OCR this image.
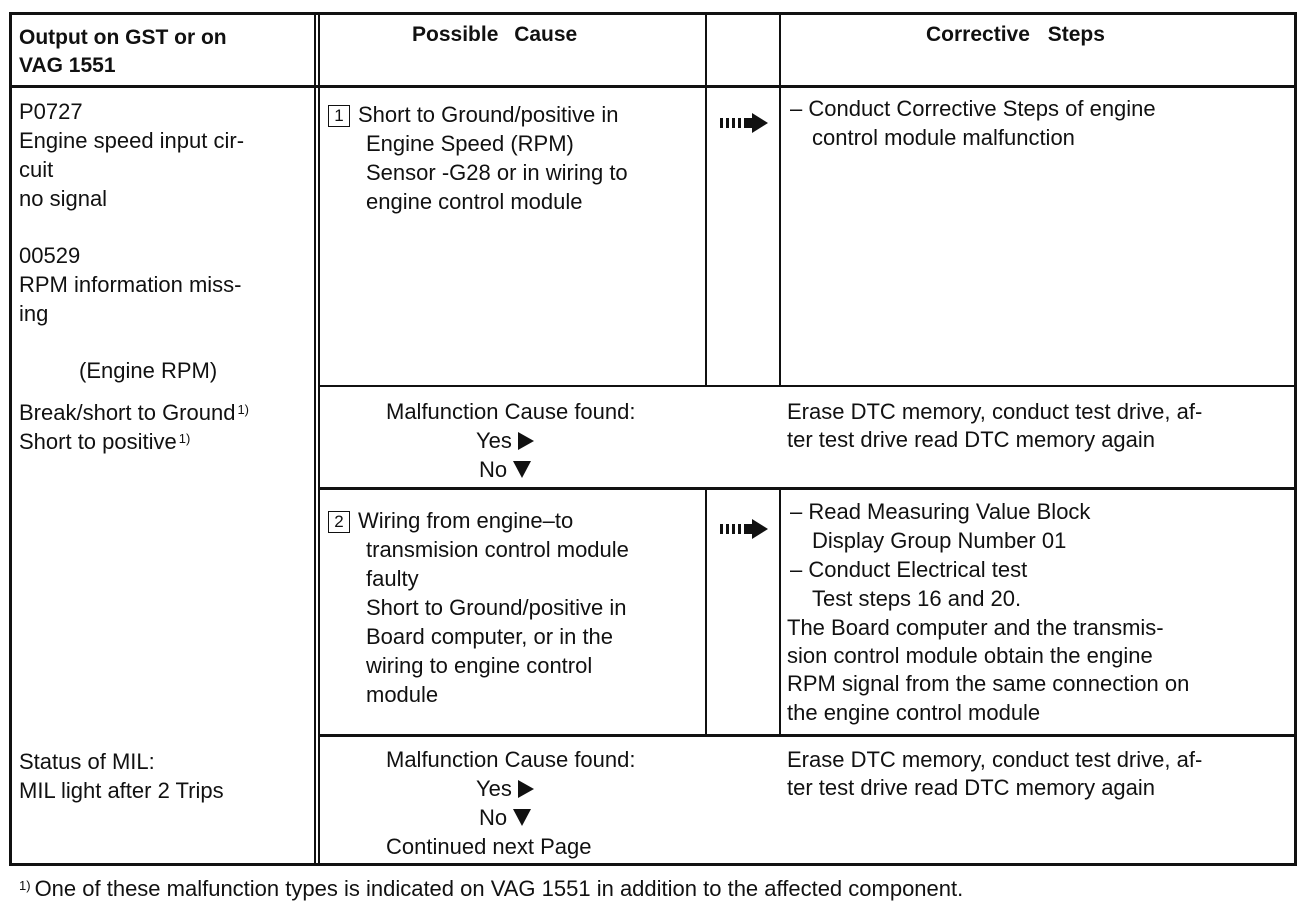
Output on GST or on
VAG 1551
Possible Cause	Corrective Steps
P0727
Engine speed input cir-
cuit
no signal
00529
RPM information miss-
ing
(Engine RPM)
Break/short to Ground $^{1)}$
Short to positive $^{1)}$
Status of MIL:
MIL light after 2 Trips
1 Short to Ground/positive in
Engine Speed (RPM)
Sensor -G28 or in wiring to
engine control module
– Conduct Corrective Steps of engine
control module malfunction
Malfunction Cause found:
Yes
No
Erase DTC memory, conduct test drive, af-
ter test drive read DTC memory again
2 Wiring from engine–to
transmision control module
faulty
Short to Ground/positive in
Board computer, or in the
wiring to engine control
module
– Read Measuring Value Block
Display Group Number 01
– Conduct Electrical test
Test steps 16 and 20.
The Board computer and the transmis-
sion control module obtain the engine
RPM signal from the same connection on
the engine control module
Malfunction Cause found:
Yes
No
Continued next Page
Erase DTC memory, conduct test drive, af-
ter test drive read DTC memory again
$^{1)}$ One of these malfunction types is indicated on VAG 1551 in addition to the affected component.
